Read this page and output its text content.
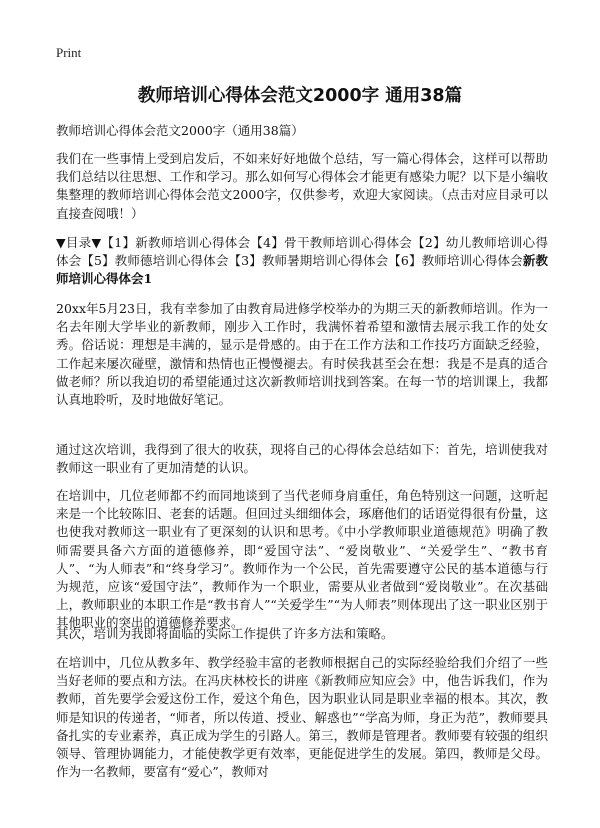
Print
教师培训心得体会范文2000字 通用38篇

教师培训心得体会范文2000字（通用38篇）

我们在一些事情上受到启发后，不如来好好地做个总结，写一篇心得体会，这样可以帮助我们总结以往思想、工作和学习。那么如何写心得体会才能更有感染力呢？以下是小编收集整理的教师培训心得体会范文2000字，仅供参考，欢迎大家阅读。（点击对应目录可以直接查阅哦！）

▼目录▼【1】新教师培训心得体会【4】骨干教师培训心得体会【2】幼儿教师培训心得体会【5】教师德培训心得体会【3】教师暑期培训心得体会【6】教师培训心得体会新教师培训心得体会1

20xx年5月23日，我有幸参加了由教育局进修学校举办的为期三天的新教师培训。作为一名去年刚大学毕业的新教师，刚步入工作时，我满怀着希望和激情去展示我工作的处女秀。俗话说：理想是丰满的，显示是骨感的。由于在工作方法和工作技巧方面缺乏经验，工作起来屡次碰壁，激情和热情也正慢慢褪去。有时侯我甚至会在想：我是不是真的适合做老师？所以我迫切的希望能通过这次新教师培训找到答案。在每一节的培训课上，我都认真地聆听，及时地做好笔记。

通过这次培训，我得到了很大的收获，现将自己的心得体会总结如下：首先，培训使我对教师这一职业有了更加清楚的认识。

在培训中，几位老师都不约而同地谈到了当代老师身肩重任，角色特别这一问题，这听起来是一个比较陈旧、老套的话题。但回过头细细体会，琢磨他们的话语觉得很有份量，这也使我对教师这一职业有了更深刻的认识和思考。《中小学教师职业道德规范》明确了教师需要具备六方面的道德修养，即“爱国守法”、“爱岗敬业”、“关爱学生”、“教书育人”、“为人师表”和“终身学习”。教师作为一个公民，首先需要遵守公民的基本道德与行为规范，应该“爱国守法”，教师作为一个职业，需要从业者做到“爱岗敬业”。在次基础上，教师职业的本职工作是“教书育人”“关爱学生”“为人师表”则体现出了这一职业区别于其他职业的突出的道德修养要求。

其次，培训为我即将面临的实际工作提供了许多方法和策略。

在培训中，几位从教多年、教学经验丰富的老教师根据自己的实际经验给我们介绍了一些当好老师的要点和方法。在冯庆林校长的讲座《新教师应知应会》中，他告诉我们，作为教师，首先要学会爱这份工作，爱这个角色，因为职业认同是职业幸福的根本。其次，教师是知识的传递者，“师者，所以传道、授业、解惑也”“学高为师，身正为范”，教师要具备扎实的专业素养，真正成为学生的引路人。第三，教师是管理者。教师要有较强的组织领导、管理协调能力，才能使教学更有效率，更能促进学生的发展。第四，教师是父母。作为一名教师，要富有“爱心”，教师对
